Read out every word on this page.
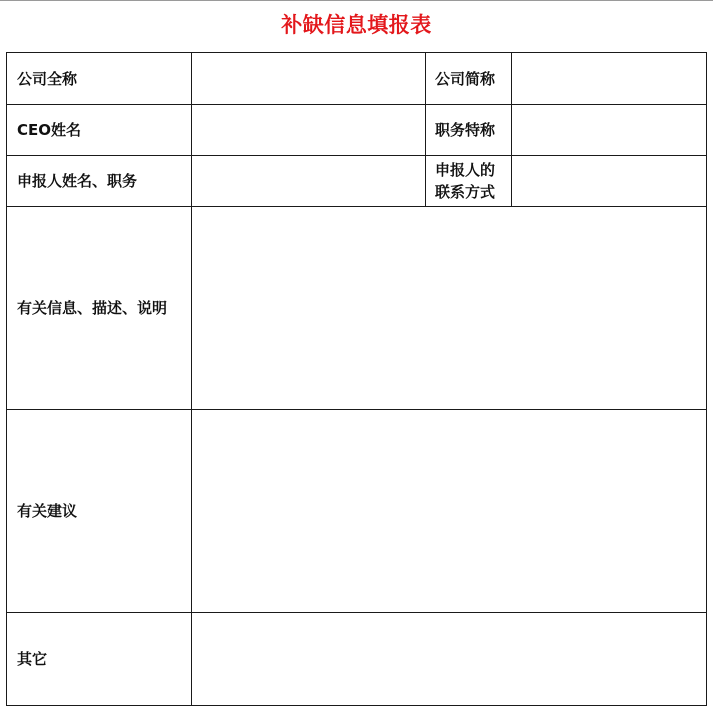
补缺信息填报表
公司全称		公司简称	
CEO姓名		职务特称	
申报人姓名、职务		申报人的联系方式	
有关信息、描述、说明			
有关建议			
其它			
